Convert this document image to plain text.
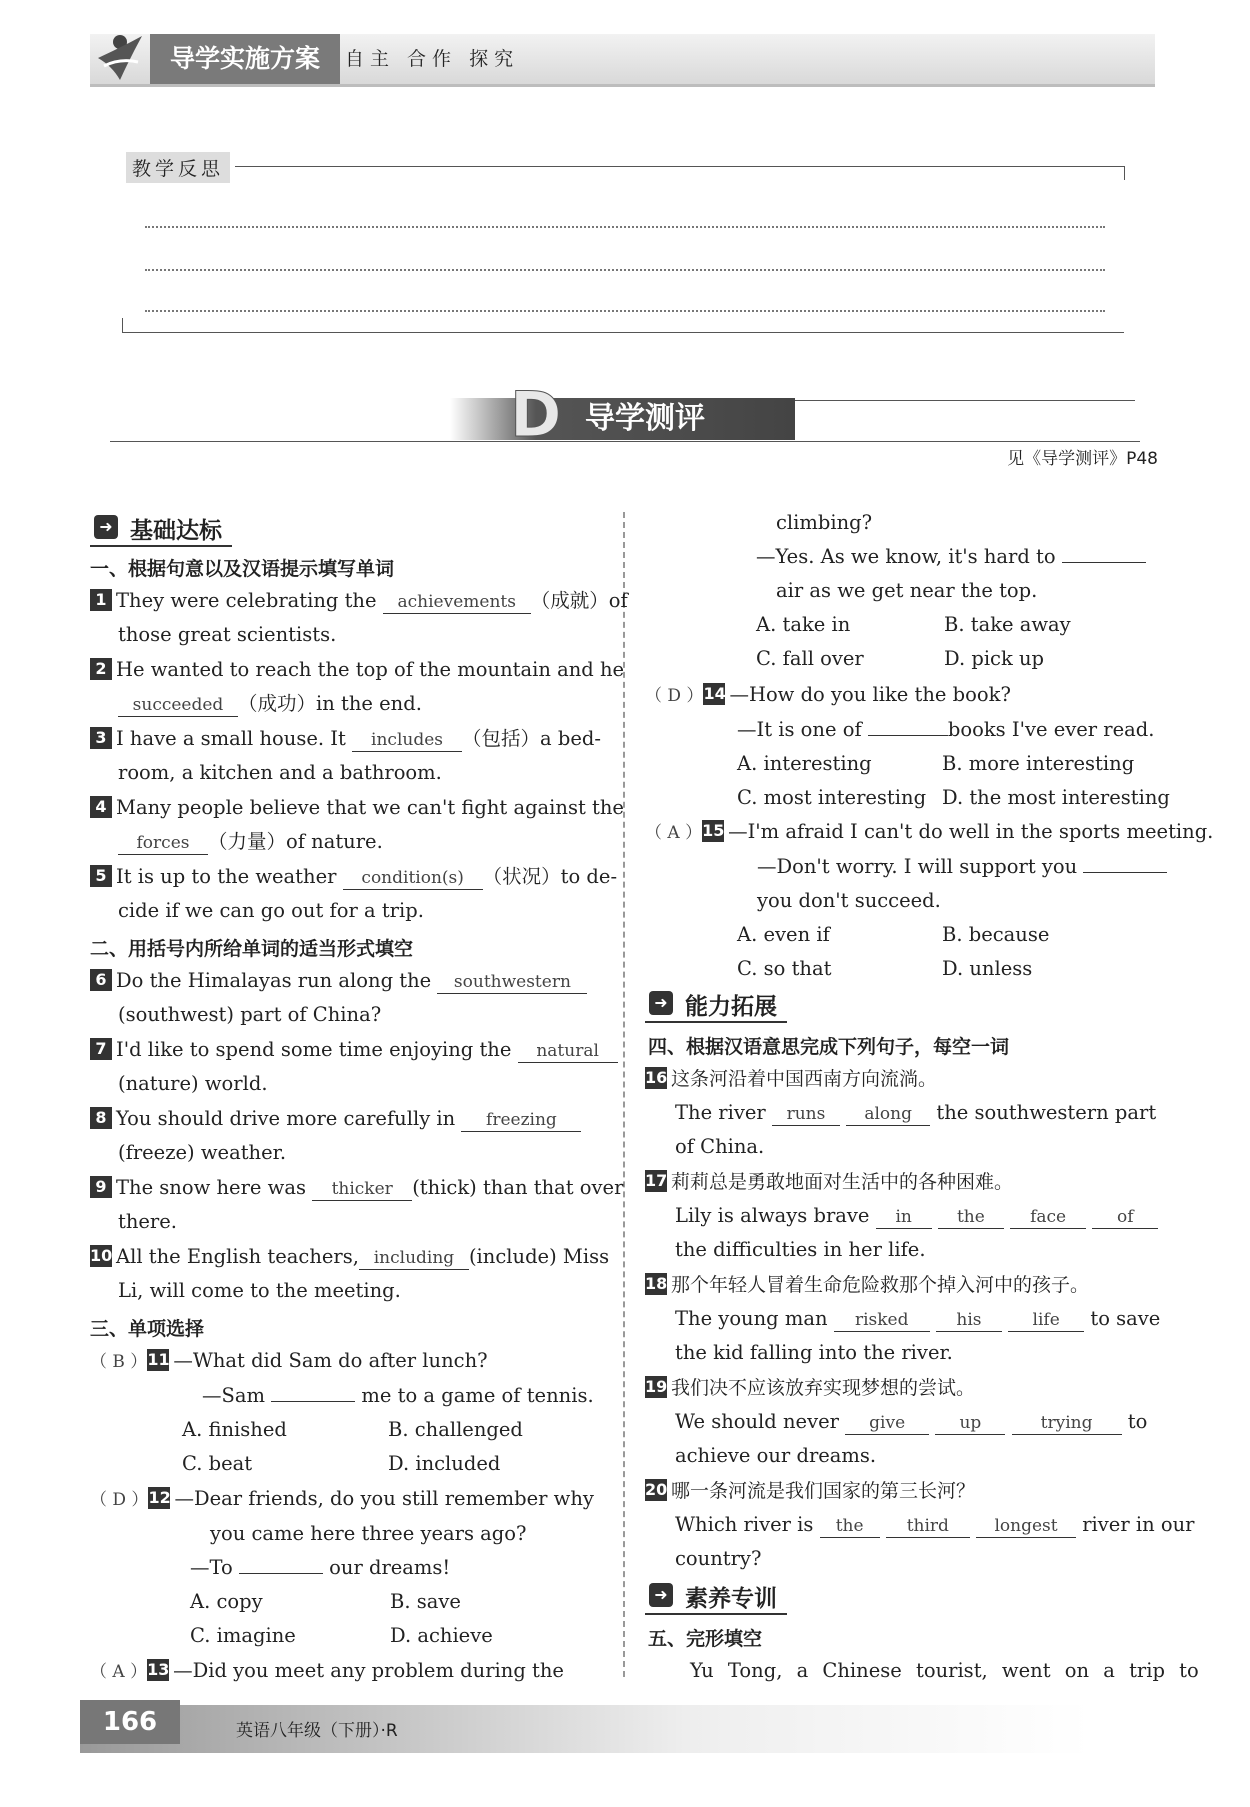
导学实施方案	自主 合作 探究
教学反思
D 导学测评
见《导学测评》P48
➜ 基础达标
一、根据句意以及汉语提示填写单词
1 They were celebrating the achievements （成就）of
those great scientists.
2 He wanted to reach the top of the mountain and he
succeeded （成功）in the end.
3 I have a small house. It includes （包括）a bed-
room, a kitchen and a bathroom.
4 Many people believe that we can't fight against the
forces （力量）of nature.
5 It is up to the weather condition(s) （状况）to de-
cide if we can go out for a trip.
二、用括号内所给单词的适当形式填空
6 Do the Himalayas run along the southwestern
(southwest) part of China?
7 I'd like to spend some time enjoying the natural
(nature) world.
8 You should drive more carefully in freezing
(freeze) weather.
9 The snow here was thicker (thick) than that over
there.
10 All the English teachers, including (include) Miss
Li, will come to the meeting.
三、单项选择
（ B ）11 —What did Sam do after lunch?
—Sam	me to a game of tennis.
A. finished	B. challenged
C. beat	D. included
（ D ）12 —Dear friends, do you still remember why
you came here three years ago?
—To	our dreams!
A. copy	B. save
C. imagine	D. achieve
（ A ）13 —Did you meet any problem during the
climbing?
—Yes. As we know, it's hard to
air as we get near the top.
A. take in	B. take away
C. fall over	D. pick up
（ D ）14 —How do you like the book?
—It is one of	books I've ever read.
A. interesting	B. more interesting
C. most interesting D. the most interesting
（ A ）15 —I'm afraid I can't do well in the sports meeting.
—Don't worry. I will support you
you don't succeed.
A. even if	B. because
C. so that	D. unless
➜ 能力拓展
四、根据汉语意思完成下列句子，每空一词
16 这条河沿着中国西南方向流淌。
The river runs along the southwestern part
of China.
17 莉莉总是勇敢地面对生活中的各种困难。
Lily is always brave in	the	face	of
the difficulties in her life.
18 那个年轻人冒着生命危险救那个掉入河中的孩子。
The young man risked	his	life to save
the kid falling into the river.
19 我们决不应该放弃实现梦想的尝试。
We should never give	up	trying to
achieve our dreams.
20 哪一条河流是我们国家的第三长河？
Which river is the	third	longest river in our
country?
➜ 素养专训
五、完形填空
Yu Tong, a Chinese tourist, went on a trip to
166	英语八年级（下册）·R
